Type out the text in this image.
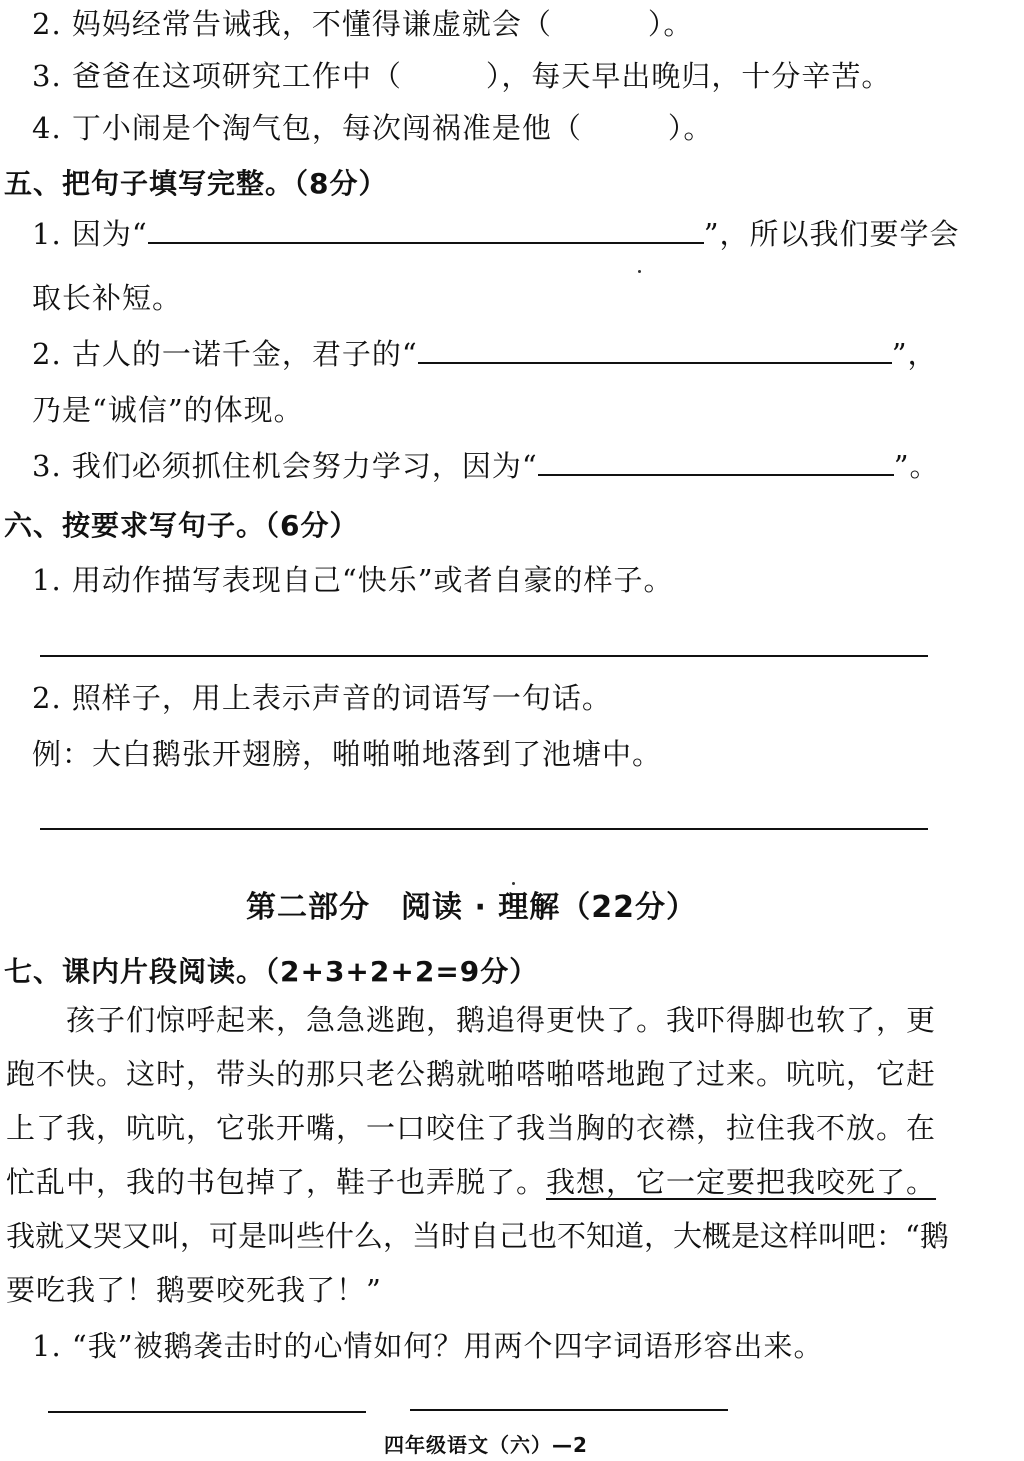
2. 妈妈经常告诫我，不懂得谦虚就会（	）。
3. 爸爸在这项研究工作中（	），每天早出晚归，十分辛苦。
4. 丁小闹是个淘气包，每次闯祸准是他（	）。
五、把句子填写完整。（8分）
1. 因为“	”，所以我们要学会
取长补短。
2. 古人的一诺千金，君子的“	”，
乃是“诚信”的体现。
3. 我们必须抓住机会努力学习，因为“	”。
六、按要求写句子。（6分）
1. 用动作描写表现自己“快乐”或者自豪的样子。
2. 照样子，用上表示声音的词语写一句话。
例：大白鹅张开翅膀，啪啪啪地落到了池塘中。
第二部分　阅读 · 理解（22分）
七、课内片段阅读。（2+3+2+2=9分）
孩子们惊呼起来，急急逃跑，鹅追得更快了。我吓得脚也软了，更
跑不快。这时，带头的那只老公鹅就啪嗒啪嗒地跑了过来。吭吭，它赶
上了我，吭吭，它张开嘴，一口咬住了我当胸的衣襟，拉住我不放。在
忙乱中，我的书包掉了，鞋子也弄脱了。我想，它一定要把我咬死了。
我就又哭又叫，可是叫些什么，当时自己也不知道，大概是这样叫吧：“鹅
要吃我了！鹅要咬死我了！”
1. “我”被鹅袭击时的心情如何？用两个四字词语形容出来。
四年级语文（六）—2
